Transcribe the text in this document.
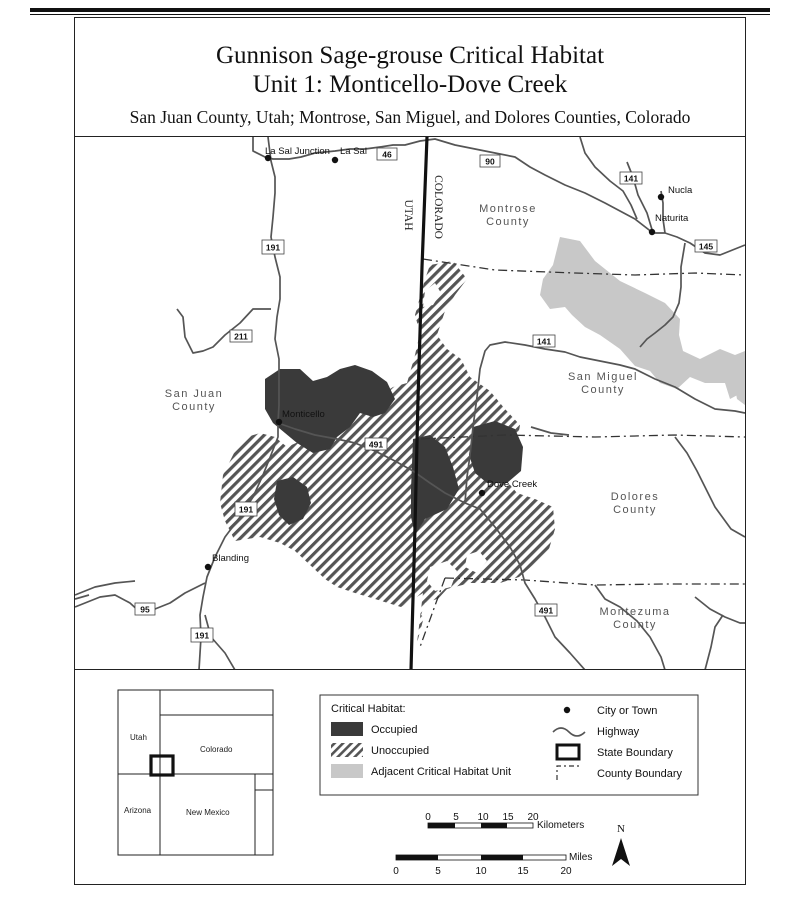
Gunnison Sage-grouse Critical Habitat
Unit 1: Monticello-Dove Creek
San Juan County, Utah; Montrose, San Miguel, and Dolores Counties, Colorado
UTAH COLORADO	Montrose
County
San Juan
County
San Miguel
County
Dolores
County
Montezuma
County
La Sal Junction La Sal
Nucla
Naturita
Monticello
Dove Creek
Blanding
46
90
141
145
141
191
211
491
191
491
95
191
Utah
Colorado
Arizona	New Mexico
Critical Habitat:
Occupied
Unoccupied
Adjacent Critical Habitat Unit
City or Town
Highway
State Boundary
County Boundary
0 5 10 15 20
Kilometers
Miles
0	5	10	15	20
N
